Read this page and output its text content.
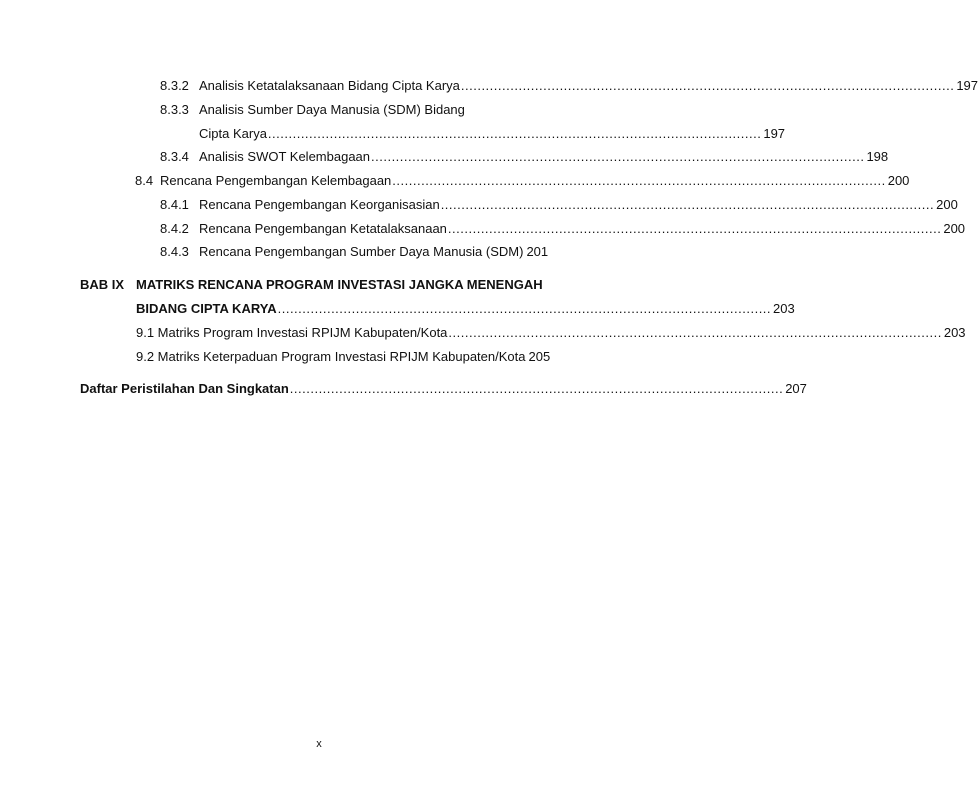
8.3.2 Analisis Ketatalaksanaan Bidang Cipta Karya ........................................................................................................................ 197
8.3.3 Analisis Sumber Daya Manusia (SDM) Bidang
Cipta Karya ........................................................................................................................ 197
8.3.4 Analisis SWOT Kelembagaan ........................................................................................................................ 198
8.4 Rencana Pengembangan Kelembagaan ........................................................................................................................ 200
8.4.1 Rencana Pengembangan Keorganisasian ........................................................................................................................ 200
8.4.2 Rencana Pengembangan Ketatalaksanaan ........................................................................................................................ 200
8.4.3 Rencana Pengembangan Sumber Daya Manusia (SDM) 201
BAB IX MATRIKS RENCANA PROGRAM INVESTASI JANGKA MENENGAH
BIDANG CIPTA KARYA ........................................................................................................................ 203
9.1 Matriks Program Investasi RPIJM Kabupaten/Kota ........................................................................................................................ 203
9.2 Matriks Keterpaduan Program Investasi RPIJM Kabupaten/Kota 205
Daftar Peristilahan Dan Singkatan ........................................................................................................................ 207
x
